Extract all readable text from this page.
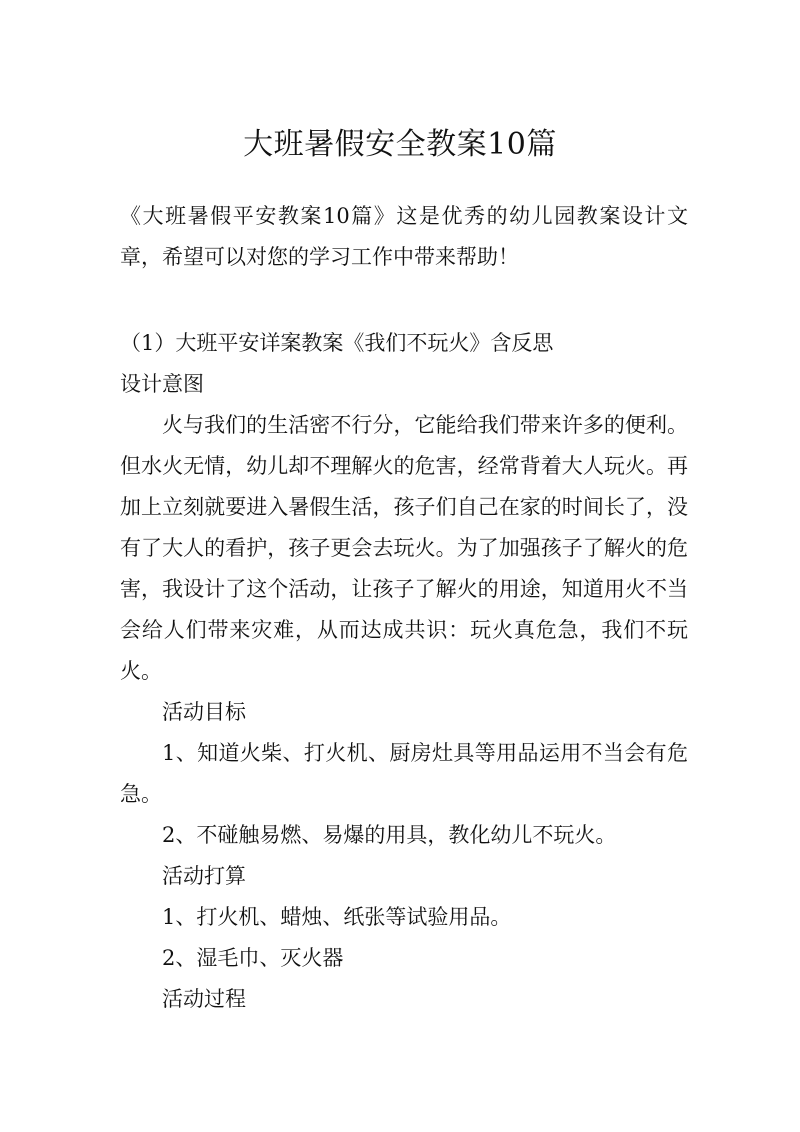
大班暑假安全教案10篇

《大班暑假平安教案10篇》这是优秀的幼儿园教案设计文章，希望可以对您的学习工作中带来帮助！

（1）大班平安详案教案《我们不玩火》含反思

设计意图

火与我们的生活密不行分，它能给我们带来许多的便利。但水火无情，幼儿却不理解火的危害，经常背着大人玩火。再加上立刻就要进入暑假生活，孩子们自己在家的时间长了，没有了大人的看护，孩子更会去玩火。为了加强孩子了解火的危害，我设计了这个活动，让孩子了解火的用途，知道用火不当会给人们带来灾难，从而达成共识：玩火真危急，我们不玩火。

活动目标

1、知道火柴、打火机、厨房灶具等用品运用不当会有危急。

2、不碰触易燃、易爆的用具，教化幼儿不玩火。

活动打算

1、打火机、蜡烛、纸张等试验用品。

2、湿毛巾、灭火器

活动过程
